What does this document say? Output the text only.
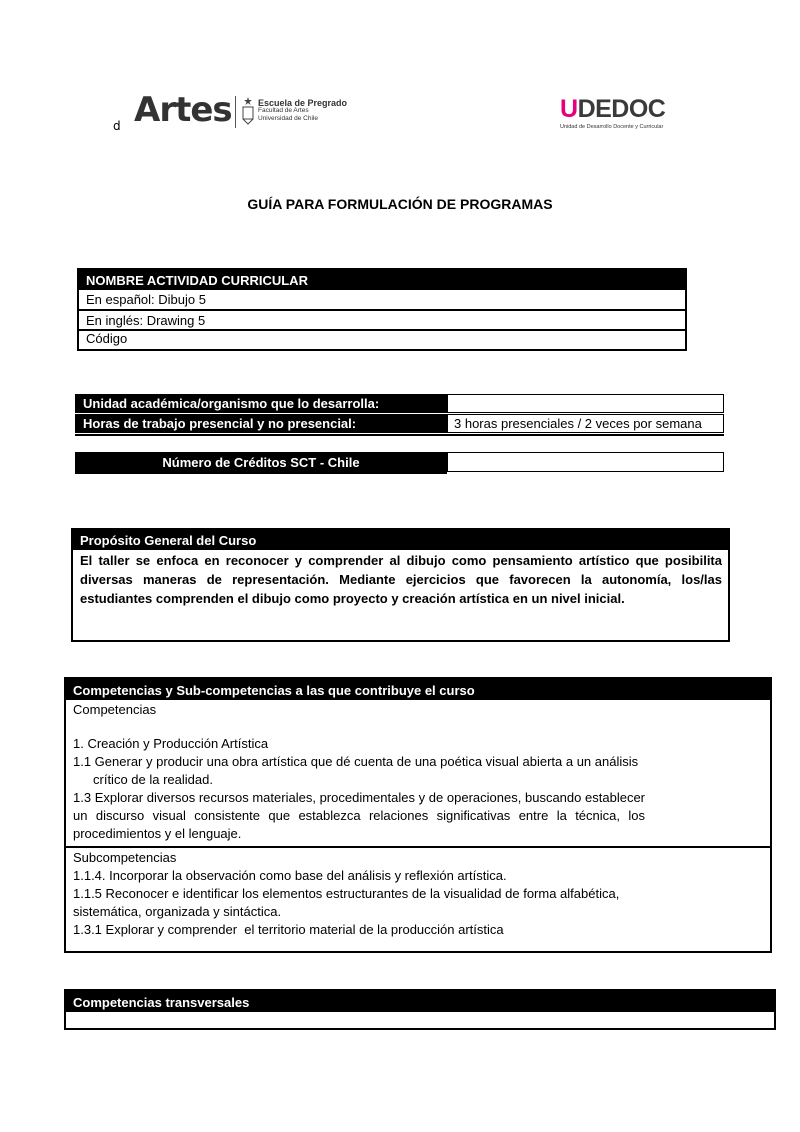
d Artes	Escuela de Pregrado
Facultad de Artes
Universidad de Chile	UDEDOC
Unidad de Desarrollo Docente y Curricular
GUÍA PARA FORMULACIÓN DE PROGRAMAS
NOMBRE ACTIVIDAD CURRICULAR
En español: Dibujo 5
En inglés: Drawing 5
Código
Unidad académica/organismo que lo desarrolla:
Horas de trabajo presencial y no presencial:	3 horas presenciales / 2 veces por semana
Número de Créditos SCT - Chile
Propósito General del Curso
El taller se enfoca en reconocer y comprender al dibujo como pensamiento artístico que posibilita diversas maneras de representación. Mediante ejercicios que favorecen la autonomía, los/las estudiantes comprenden el dibujo como proyecto y creación artística en un nivel inicial.
Competencias y Sub-competencias a las que contribuye el curso
Competencias
1. Creación y Producción Artística
1.1 Generar y producir una obra artística que dé cuenta de una poética visual abierta a un análisis
crítico de la realidad.
1.3 Explorar diversos recursos materiales, procedimentales y de operaciones, buscando establecer un discurso visual consistente que establezca relaciones significativas entre la técnica, los procedimientos y el lenguaje.
Subcompetencias
1.1.4. Incorporar la observación como base del análisis y reflexión artística.
1.1.5 Reconocer e identificar los elementos estructurantes de la visualidad de forma alfabética,
sistemática, organizada y sintáctica.
1.3.1 Explorar y comprender  el territorio material de la producción artística
Competencias transversales
